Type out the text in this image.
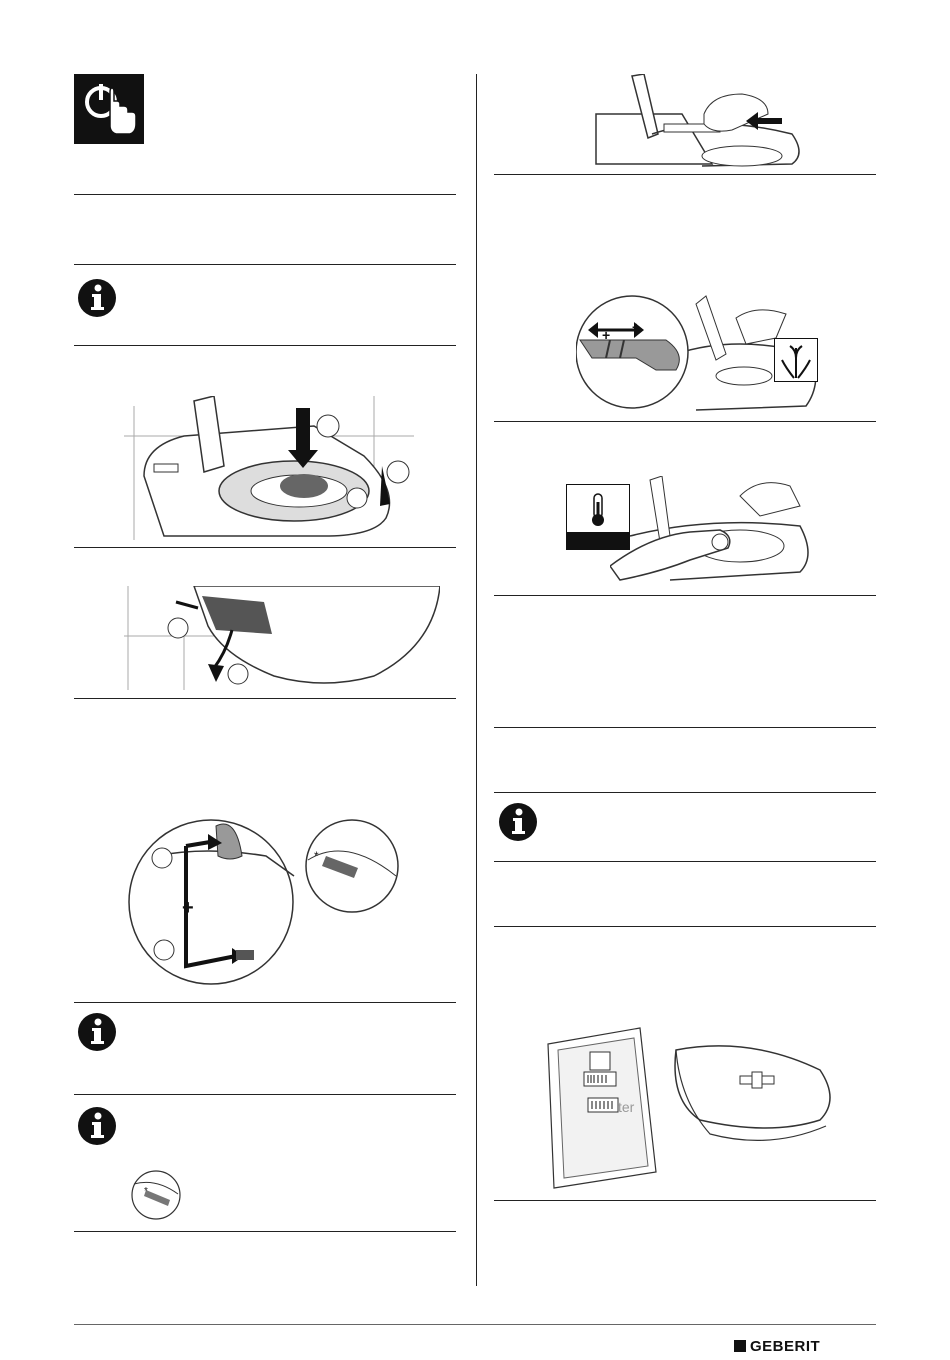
+
*
*
+ +
ter
GEBERIT
